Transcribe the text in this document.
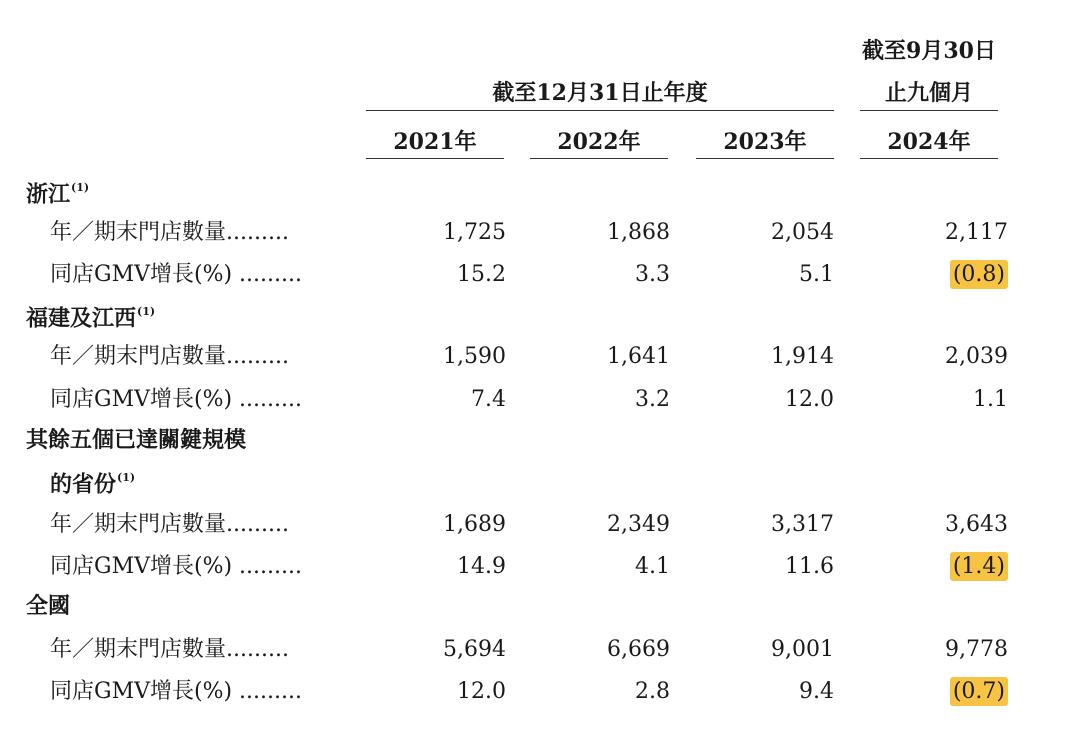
截至9月30日
止九個月
截至12月31日止年度
2021年	2022年	2023年	2024年
浙江$^{(1)}$
年／期末門店數量.........	1,725	1,868	2,054	2,117
同店GMV增長(%) .........	15.2	3.3	5.1	(0.8)
福建及江西$^{(1)}$
年／期末門店數量.........	1,590	1,641	1,914	2,039
同店GMV增長(%) .........	7.4	3.2	12.0	1.1
其餘五個已達關鍵規模
的省份$^{(1)}$
年／期末門店數量.........	1,689	2,349	3,317	3,643
同店GMV增長(%) .........	14.9	4.1	11.6	(1.4)
全國
年／期末門店數量.........	5,694	6,669	9,001	9,778
同店GMV增長(%) .........	12.0	2.8	9.4	(0.7)
